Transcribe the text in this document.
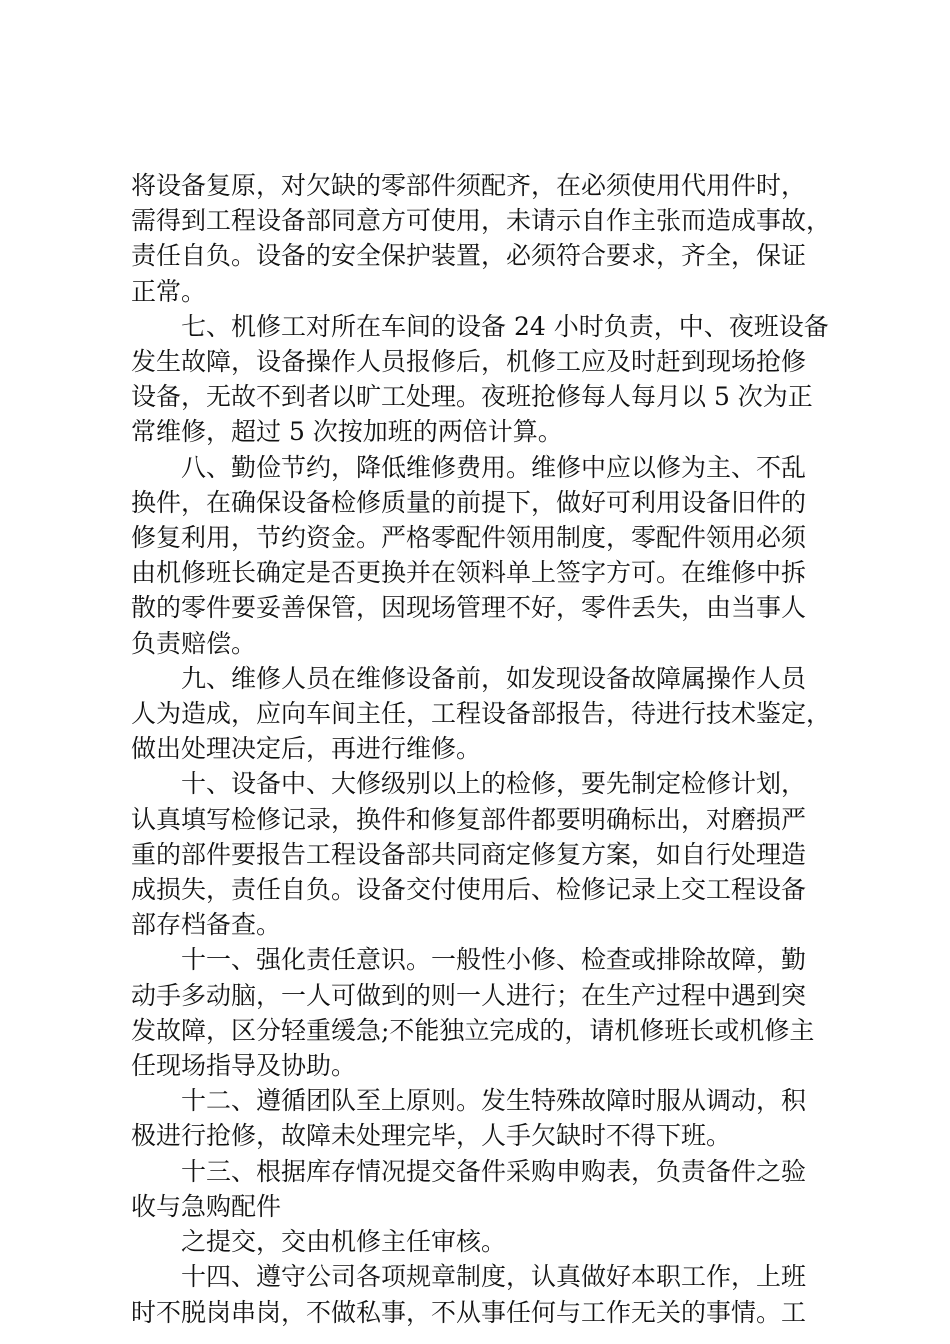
将设备复原，对欠缺的零部件须配齐，在必须使用代用件时，
需得到工程设备部同意方可使用，未请示自作主张而造成事故，
责任自负。设备的安全保护装置，必须符合要求，齐全，保证
正常。

　　七、机修工对所在车间的设备 24 小时负责，中、夜班设备
发生故障，设备操作人员报修后，机修工应及时赶到现场抢修
设备，无故不到者以旷工处理。夜班抢修每人每月以 5 次为正
常维修，超过 5 次按加班的两倍计算。

　　八、勤俭节约，降低维修费用。维修中应以修为主、不乱
换件，在确保设备检修质量的前提下，做好可利用设备旧件的
修复利用，节约资金。严格零配件领用制度，零配件领用必须
由机修班长确定是否更换并在领料单上签字方可。在维修中拆
散的零件要妥善保管，因现场管理不好，零件丢失，由当事人
负责赔偿。

　　九、维修人员在维修设备前，如发现设备故障属操作人员
人为造成，应向车间主任，工程设备部报告，待进行技术鉴定，
做出处理决定后，再进行维修。

　　十、设备中、大修级别以上的检修，要先制定检修计划，
认真填写检修记录，换件和修复部件都要明确标出，对磨损严
重的部件要报告工程设备部共同商定修复方案，如自行处理造
成损失，责任自负。设备交付使用后、检修记录上交工程设备
部存档备查。

　　十一、强化责任意识。一般性小修、检查或排除故障，勤
动手多动脑，一人可做到的则一人进行；在生产过程中遇到突
发故障，区分轻重缓急;不能独立完成的，请机修班长或机修主
任现场指导及协助。

　　十二、遵循团队至上原则。发生特殊故障时服从调动，积
极进行抢修，故障未处理完毕，人手欠缺时不得下班。

　　十三、根据库存情况提交备件采购申购表，负责备件之验
收与急购配件

　　之提交，交由机修主任审核。

　　十四、遵守公司各项规章制度，认真做好本职工作，上班
时不脱岗串岗，不做私事，不从事任何与工作无关的事情。工
